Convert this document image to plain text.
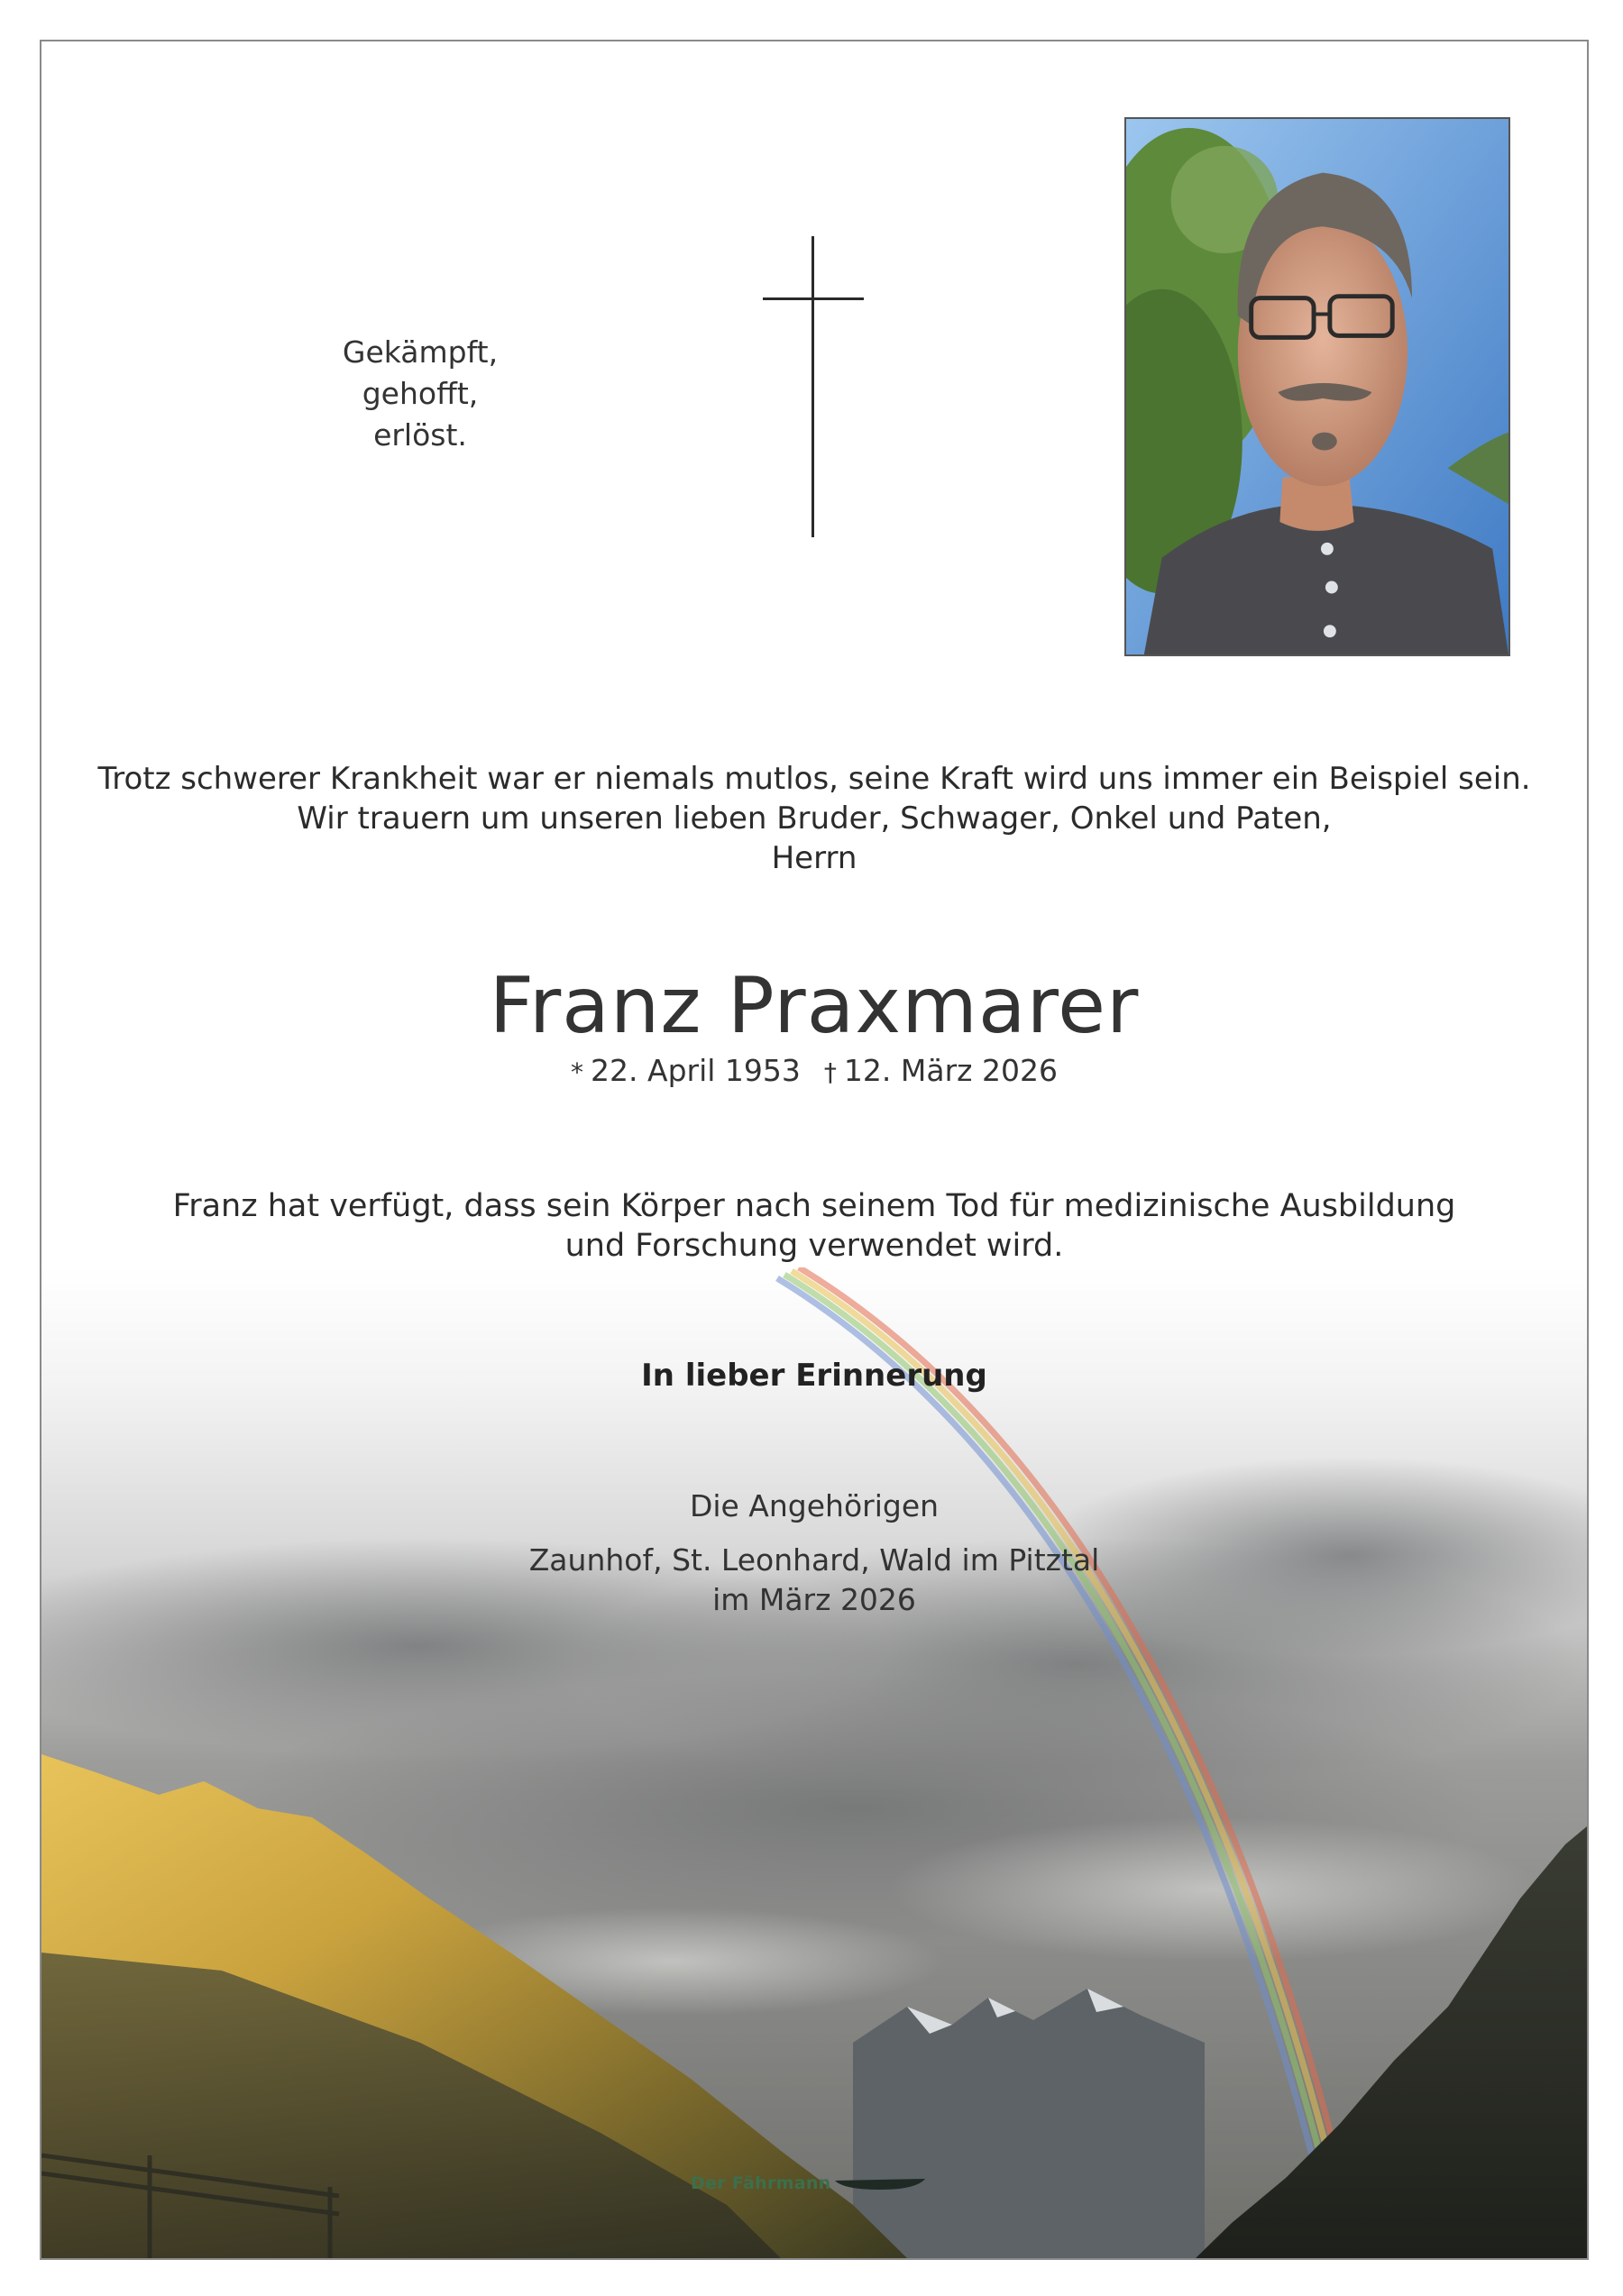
Gekämpft,
gehofft,
erlöst.
Trotz schwerer Krankheit war er niemals mutlos, seine Kraft wird uns immer ein Beispiel sein.
Wir trauern um unseren lieben Bruder, Schwager, Onkel und Paten,
Herrn
Franz Praxmarer
* 22. April 1953 † 12. März 2026
Franz hat verfügt, dass sein Körper nach seinem Tod für medizinische Ausbildung
und Forschung verwendet wird.
In lieber Erinnerung
Die Angehörigen
Zaunhof, St. Leonhard, Wald im Pitztal
im März 2026
Der Fährmann
